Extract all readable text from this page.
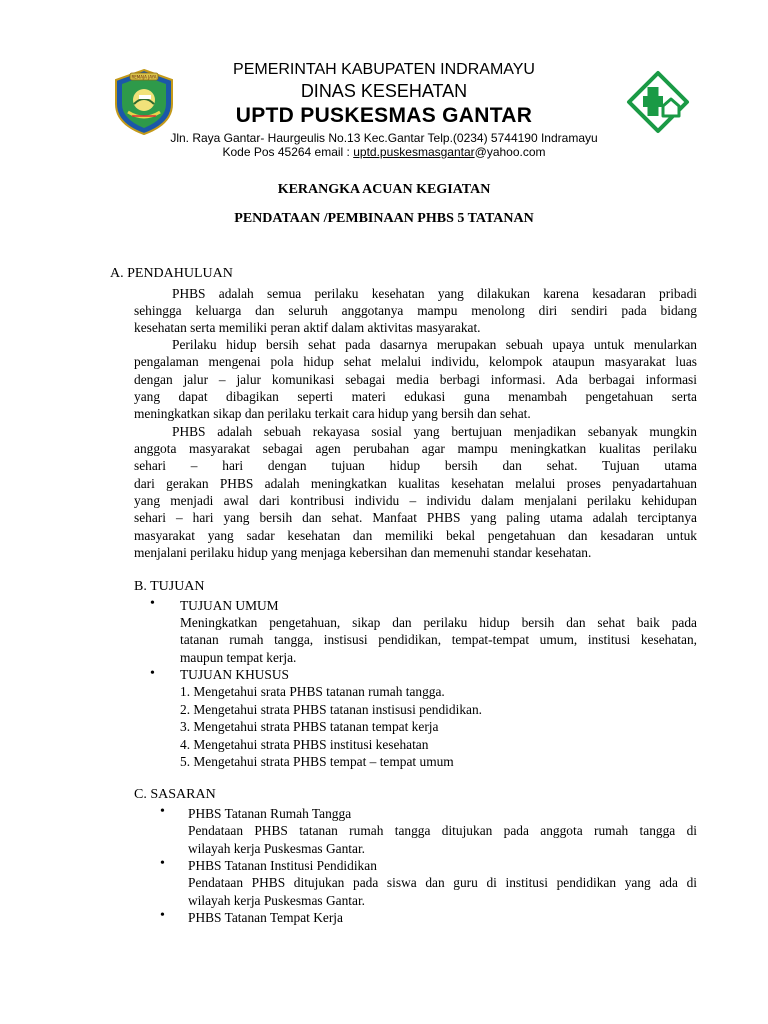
REMAJA JAYA	PEMERINTAH KABUPATEN INDRAMAYU
DINAS KESEHATAN
UPTD PUSKESMAS GANTAR
Jln. Raya Gantar- Haurgeulis No.13 Kec.Gantar Telp.(0234) 5744190 Indramayu
Kode Pos 45264 email : uptd.puskesmasgantar@yahoo.com
KERANGKA ACUAN KEGIATAN
PENDATAAN /PEMBINAAN PHBS 5 TATANAN
A. PENDAHULUAN
PHBS adalah semua perilaku kesehatan yang dilakukan karena kesadaran pribadi
sehingga keluarga dan seluruh anggotanya mampu menolong diri sendiri pada bidang
kesehatan serta memiliki peran aktif dalam aktivitas masyarakat.
Perilaku hidup bersih sehat pada dasarnya merupakan sebuah upaya untuk menularkan
pengalaman mengenai pola hidup sehat melalui individu, kelompok ataupun masyarakat luas
dengan jalur – jalur komunikasi sebagai media berbagi informasi. Ada berbagai informasi
yang dapat dibagikan seperti materi edukasi guna menambah pengetahuan serta
meningkatkan sikap dan perilaku terkait cara hidup yang bersih dan sehat.
PHBS adalah sebuah rekayasa sosial yang bertujuan menjadikan sebanyak mungkin
anggota masyarakat sebagai agen perubahan agar mampu meningkatkan kualitas perilaku
sehari – hari dengan tujuan hidup bersih dan sehat. Tujuan utama
dari gerakan PHBS adalah meningkatkan kualitas kesehatan melalui proses penyadartahuan
yang menjadi awal dari kontribusi individu – individu dalam menjalani perilaku kehidupan
sehari – hari yang bersih dan sehat. Manfaat PHBS yang paling utama adalah terciptanya
masyarakat yang sadar kesehatan dan memiliki bekal pengetahuan dan kesadaran untuk
menjalani perilaku hidup yang menjaga kebersihan dan memenuhi standar kesehatan.
B. TUJUAN
• TUJUAN UMUM
Meningkatkan pengetahuan, sikap dan perilaku hidup bersih dan sehat baik pada
tatanan rumah tangga, instisusi pendidikan, tempat-tempat umum, institusi kesehatan,
maupun tempat kerja.
• TUJUAN KHUSUS
1. Mengetahui srata PHBS tatanan rumah tangga.
2. Mengetahui strata PHBS tatanan instisusi pendidikan.
3. Mengetahui strata PHBS tatanan tempat kerja
4. Mengetahui strata PHBS institusi kesehatan
5. Mengetahui strata PHBS tempat – tempat umum
C. SASARAN
• PHBS Tatanan Rumah Tangga
Pendataan PHBS tatanan rumah tangga ditujukan pada anggota rumah tangga di
wilayah kerja Puskesmas Gantar.
• PHBS Tatanan Institusi Pendidikan
Pendataan PHBS ditujukan pada siswa dan guru di institusi pendidikan yang ada di
wilayah kerja Puskesmas Gantar.
• PHBS Tatanan Tempat Kerja
